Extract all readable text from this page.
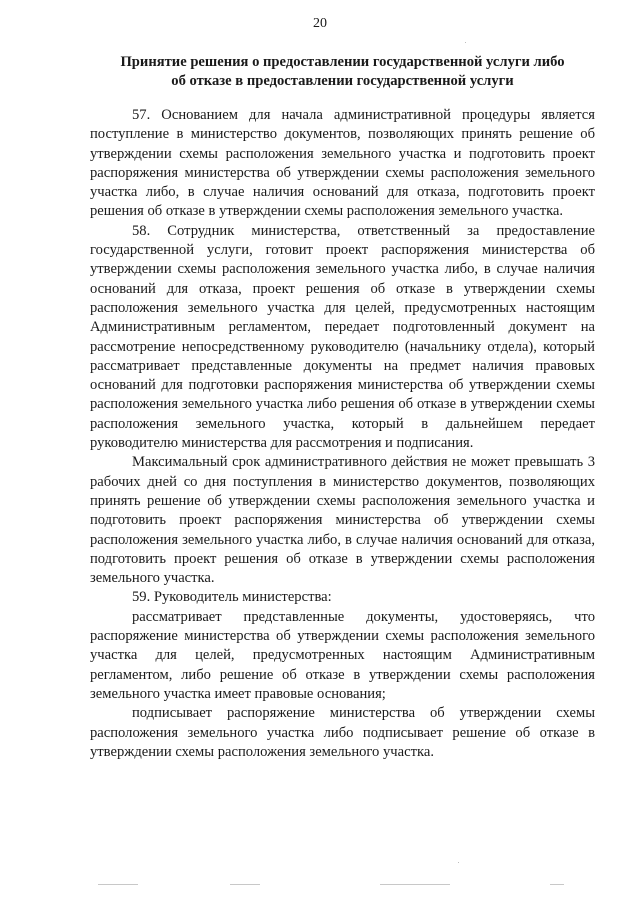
20
Принятие решения о предоставлении государственной услуги либо
об отказе в предоставлении государственной услуги

57. Основанием для начала административной процедуры является поступление в министерство документов, позволяющих принять решение об утверждении схемы расположения земельного участка и подготовить проект распоряжения министерства об утверждении схемы расположения земельного участка либо, в случае наличия оснований для отказа, подготовить проект решения об отказе в утверждении схемы расположения земельного участка.

58. Сотрудник министерства, ответственный за предоставление государственной услуги, готовит проект распоряжения министерства об утверждении схемы расположения земельного участка либо, в случае наличия оснований для отказа, проект решения об отказе в утверждении схемы расположения земельного участка для целей, предусмотренных настоящим Административным регламентом, передает подготовленный документ на рассмотрение непосредственному руководителю (начальнику отдела), который рассматривает представленные документы на предмет наличия правовых оснований для подготовки распоряжения министерства об утверждении схемы расположения земельного участка либо решения об отказе в утверждении схемы расположения земельного участка, который в дальнейшем передает руководителю министерства для рассмотрения и подписания.

Максимальный срок административного действия не может превышать 3 рабочих дней со дня поступления в министерство документов, позволяющих принять решение об утверждении схемы расположения земельного участка и подготовить проект распоряжения министерства об утверждении схемы расположения земельного участка либо, в случае наличия оснований для отказа, подготовить проект решения об отказе в утверждении схемы расположения земельного участка.

59. Руководитель министерства:

рассматривает представленные документы, удостоверяясь, что распоряжение министерства об утверждении схемы расположения земельного участка для целей, предусмотренных настоящим Административным регламентом, либо решение об отказе в утверждении схемы расположения земельного участка имеет правовые основания;

подписывает распоряжение министерства об утверждении схемы расположения земельного участка либо подписывает решение об отказе в утверждении схемы расположения земельного участка.
